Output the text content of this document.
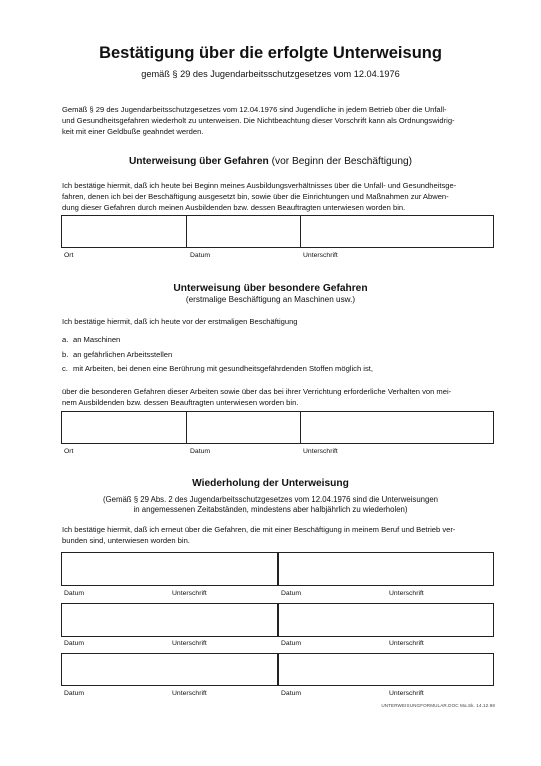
Bestätigung über die erfolgte Unterweisung
gemäß § 29 des Jugendarbeitsschutzgesetzes vom 12.04.1976
Gemäß § 29 des Jugendarbeitsschutzgesetzes vom 12.04.1976 sind Jugendliche in jedem Betrieb über die Unfall-
und Gesundheitsgefahren wiederholt zu unterweisen. Die Nichtbeachtung dieser Vorschrift kann als Ordnungswidrig-
keit mit einer Geldbuße geahndet werden.
Unterweisung über Gefahren (vor Beginn der Beschäftigung)
Ich bestätige hiermit, daß ich heute bei Beginn meines Ausbildungsverhältnisses über die Unfall- und Gesundheitsge-
fahren, denen ich bei der Beschäftigung ausgesetzt bin, sowie über die Einrichtungen und Maßnahmen zur Abwen-
dung dieser Gefahren durch meinen Ausbildenden bzw. dessen Beauftragten unterwiesen worden bin.
Ort	Datum	Unterschrift
Unterweisung über besondere Gefahren
(erstmalige Beschäftigung an Maschinen usw.)
Ich bestätige hiermit, daß ich heute vor der erstmaligen Beschäftigung
a. an Maschinen
b. an gefährlichen Arbeitsstellen
c. mit Arbeiten, bei denen eine Berührung mit gesundheitsgefährdenden Stoffen möglich ist,
über die besonderen Gefahren dieser Arbeiten sowie über das bei ihrer Verrichtung erforderliche Verhalten von mei-
nem Ausbildenden bzw. dessen Beauftragten unterwiesen worden bin.
Ort	Datum	Unterschrift
Wiederholung der Unterweisung
(Gemäß § 29 Abs. 2 des Jugendarbeitsschutzgesetzes vom 12.04.1976 sind die Unterweisungen
in angemessenen Zeitabständen, mindestens aber halbjährlich zu wiederholen)
Ich bestätige hiermit, daß ich erneut über die Gefahren, die mit einer Beschäftigung in meinem Beruf und Betrieb ver-
bunden sind, unterwiesen worden bin.
Datum	Unterschrift	Datum	Unterschrift
Datum	Unterschrift	Datum	Unterschrift
Datum	Unterschrift	Datum	Unterschrift
UNTERWEISUNGFORMULAR.DOC Ma.Sk. 14.12.98
